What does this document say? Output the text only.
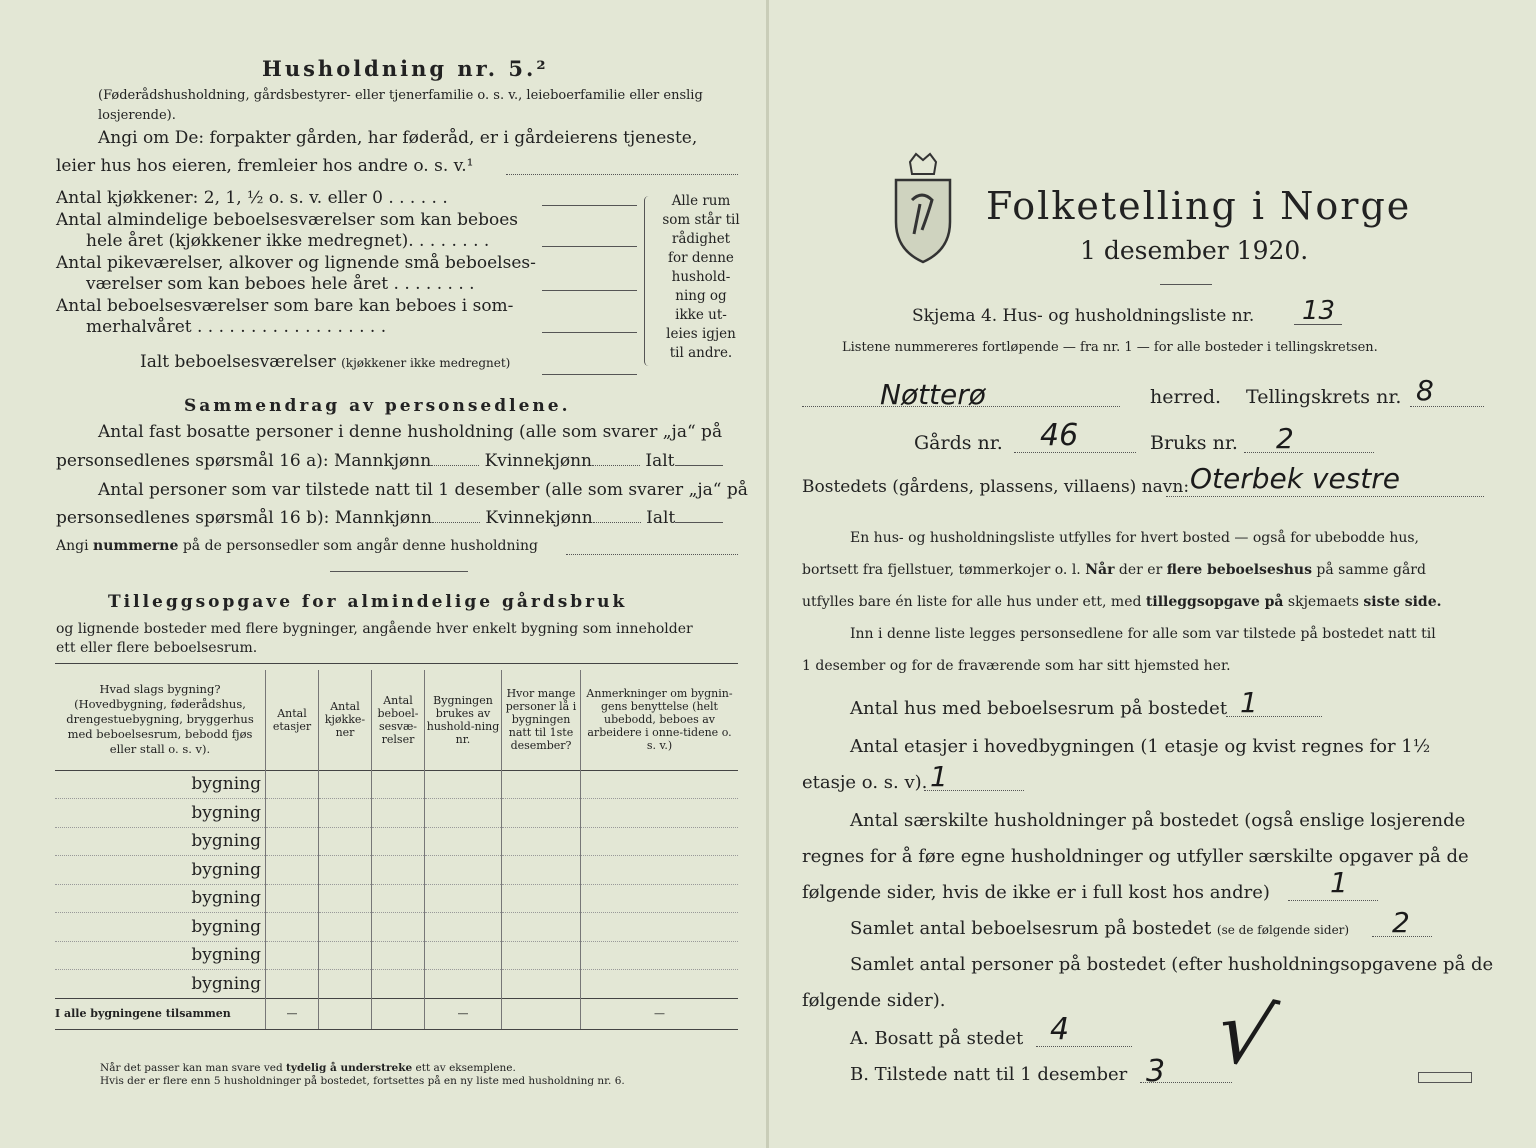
Husholdning nr. 5.²
(Føderådshusholdning, gårdsbestyrer- eller tjenerfamilie o. s. v., leieboerfamilie eller enslig losjerende).
Angi om De: forpakter gården, har føderåd, er i gårdeierens tjeneste,
leier hus hos eieren, fremleier hos andre o. s. v.¹
Antal kjøkkener: 2, 1, ½ o. s. v. eller 0 . . . . . .
Antal almindelige beboelsesværelser som kan beboes
hele året (kjøkkener ikke medregnet). . . . . . . .
Antal pikeværelser, alkover og lignende små beboelses-
værelser som kan beboes hele året . . . . . . . .
Antal beboelsesværelser som bare kan beboes i som-
merhalvåret . . . . . . . . . . . . . . . . . .
Ialt beboelsesværelser (kjøkkener ikke medregnet)
Alle rum
som står til
rådighet
for denne
hushold-
ning og
ikke ut-
leies igjen
til andre.
Sammendrag av personsedlene.
Antal fast bosatte personer i denne husholdning (alle som svarer „ja“ på
personsedlenes spørsmål 16 a): Mannkjønn	Kvinnekjønn	Ialt
Antal personer som var tilstede natt til 1 desember (alle som svarer „ja“ på
personsedlenes spørsmål 16 b): Mannkjønn	Kvinnekjønn	Ialt
Angi nummerne på de personsedler som angår denne husholdning
Tilleggsopgave for almindelige gårdsbruk
og lignende bosteder med flere bygninger, angående hver enkelt bygning som inneholder
ett eller flere beboelsesrum.
Hvad slags bygning? (Hovedbygning, føderådshus, drengestuebygning, bryggerhus med beboelsesrum, bebodd fjøs eller stall o. s. v).	Antal etasjer	Antal kjøkke-ner	Antal beboel-sesvæ-relser	Bygningen brukes av hushold-ning nr.	Hvor mange personer lå i bygningen natt til 1ste desember?	Anmerkninger om bygnin-gens benyttelse (helt ubebodd, beboes av arbeidere i onne-tidene o. s. v.)
bygning						
bygning						
bygning						
bygning						
bygning						
bygning						
bygning						
bygning						
I alle bygningene tilsammen	—			—		—
Når det passer kan man svare ved tydelig å understreke ett av eksemplene.
Hvis der er flere enn 5 husholdninger på bostedet, fortsettes på en ny liste med husholdning nr. 6.
Folketelling i Norge
1 desember 1920.
Skjema 4. Hus- og husholdningsliste nr. 13
Listene nummereres fortløpende — fra nr. 1 — for alle bosteder i tellingskretsen.
Nøtterø	herred. Tellingskrets nr. 8
Gårds nr. 46	Bruks nr. 2
Bostedets (gårdens, plassens, villaens) navn: Oterbek vestre
En hus- og husholdningsliste utfylles for hvert bosted — også for ubebodde hus,
bortsett fra fjellstuer, tømmerkojer o. l. Når der er flere beboelseshus på samme gård
utfylles bare én liste for alle hus under ett, med tilleggsopgave på skjemaets siste side.
Inn i denne liste legges personsedlene for alle som var tilstede på bostedet natt til
1 desember og for de fraværende som har sitt hjemsted her.
Antal hus med beboelsesrum på bostedet 1
Antal etasjer i hovedbygningen (1 etasje og kvist regnes for 1½
etasje o. s. v). 1
Antal særskilte husholdninger på bostedet (også enslige losjerende
regnes for å føre egne husholdninger og utfyller særskilte opgaver på de
følgende sider, hvis de ikke er i full kost hos andre) 1
Samlet antal beboelsesrum på bostedet (se de følgende sider) 2
Samlet antal personer på bostedet (efter husholdningsopgavene på de
følgende sider).
A. Bosatt på stedet 4
B. Tilstede natt til 1 desember 3 √
